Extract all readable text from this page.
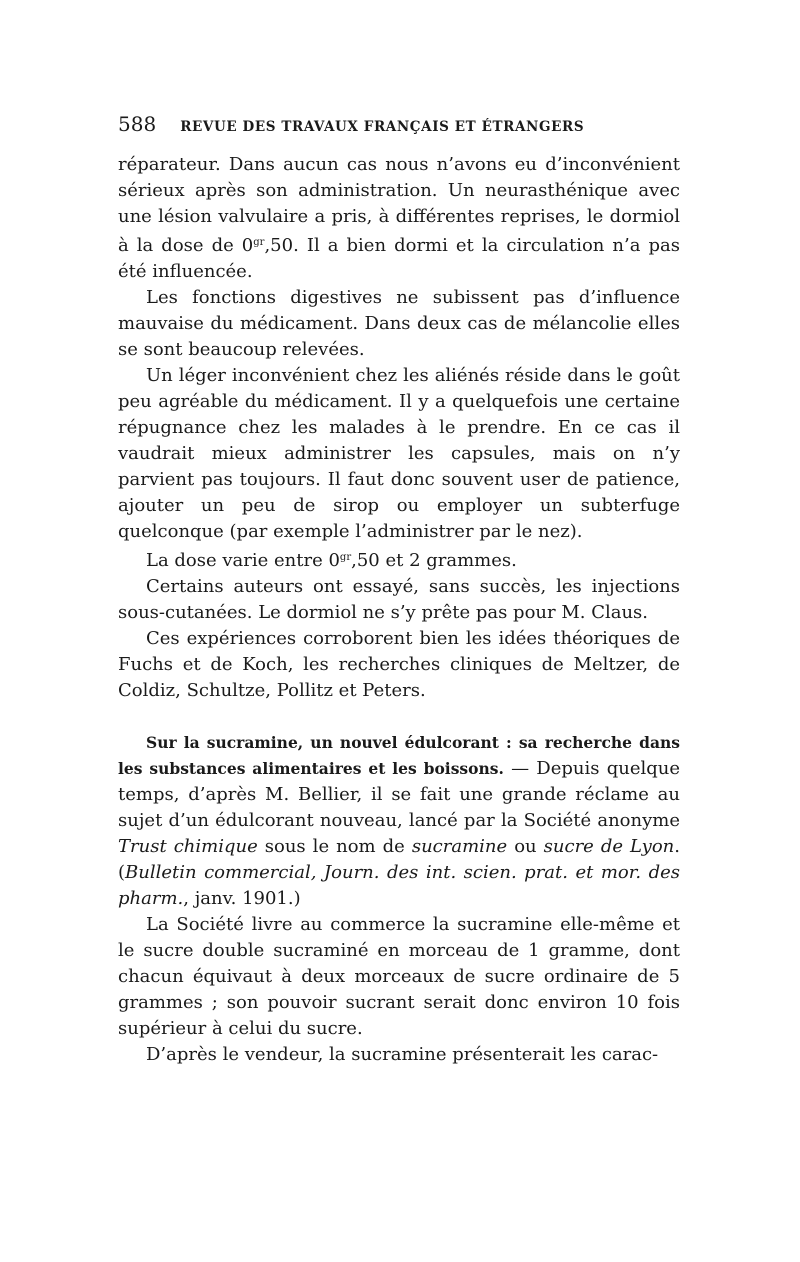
588 REVUE DES TRAVAUX FRANÇAIS ET ÉTRANGERS

réparateur. Dans aucun cas nous n’avons eu d’inconvénient sérieux après son administration. Un neurasthénique avec une lésion valvulaire a pris, à différentes reprises, le dormiol à la dose de $0^{gr},50$. Il a bien dormi et la circulation n’a pas été influencée.

Les fonctions digestives ne subissent pas d’influence mauvaise du médicament. Dans deux cas de mélancolie elles se sont beaucoup relevées.

Un léger inconvénient chez les aliénés réside dans le goût peu agréable du médicament. Il y a quelquefois une certaine répugnance chez les malades à le prendre. En ce cas il vaudrait mieux administrer les capsules, mais on n’y parvient pas toujours. Il faut donc souvent user de patience, ajouter un peu de sirop ou employer un subterfuge quelconque (par exemple l’administrer par le nez).

La dose varie entre $0^{gr},50$ et 2 grammes.

Certains auteurs ont essayé, sans succès, les injections sous-cutanées. Le dormiol ne s’y prête pas pour M. Claus.

Ces expériences corroborent bien les idées théoriques de Fuchs et de Koch, les recherches cliniques de Meltzer, de Coldiz, Schultze, Pollitz et Peters.

Sur la sucramine, un nouvel édulcorant : sa recherche dans les substances alimentaires et les boissons. — Depuis quelque temps, d’après M. Bellier, il se fait une grande réclame au sujet d’un édulcorant nouveau, lancé par la Société anonyme Trust chimique sous le nom de sucramine ou sucre de Lyon. (Bulletin commercial, Journ. des int. scien. prat. et mor. des pharm., janv. 1901.)

La Société livre au commerce la sucramine elle-même et le sucre double sucraminé en morceau de 1 gramme, dont chacun équivaut à deux morceaux de sucre ordinaire de 5 grammes ; son pouvoir sucrant serait donc environ 10 fois supérieur à celui du sucre.

D’après le vendeur, la sucramine présenterait les carac-
